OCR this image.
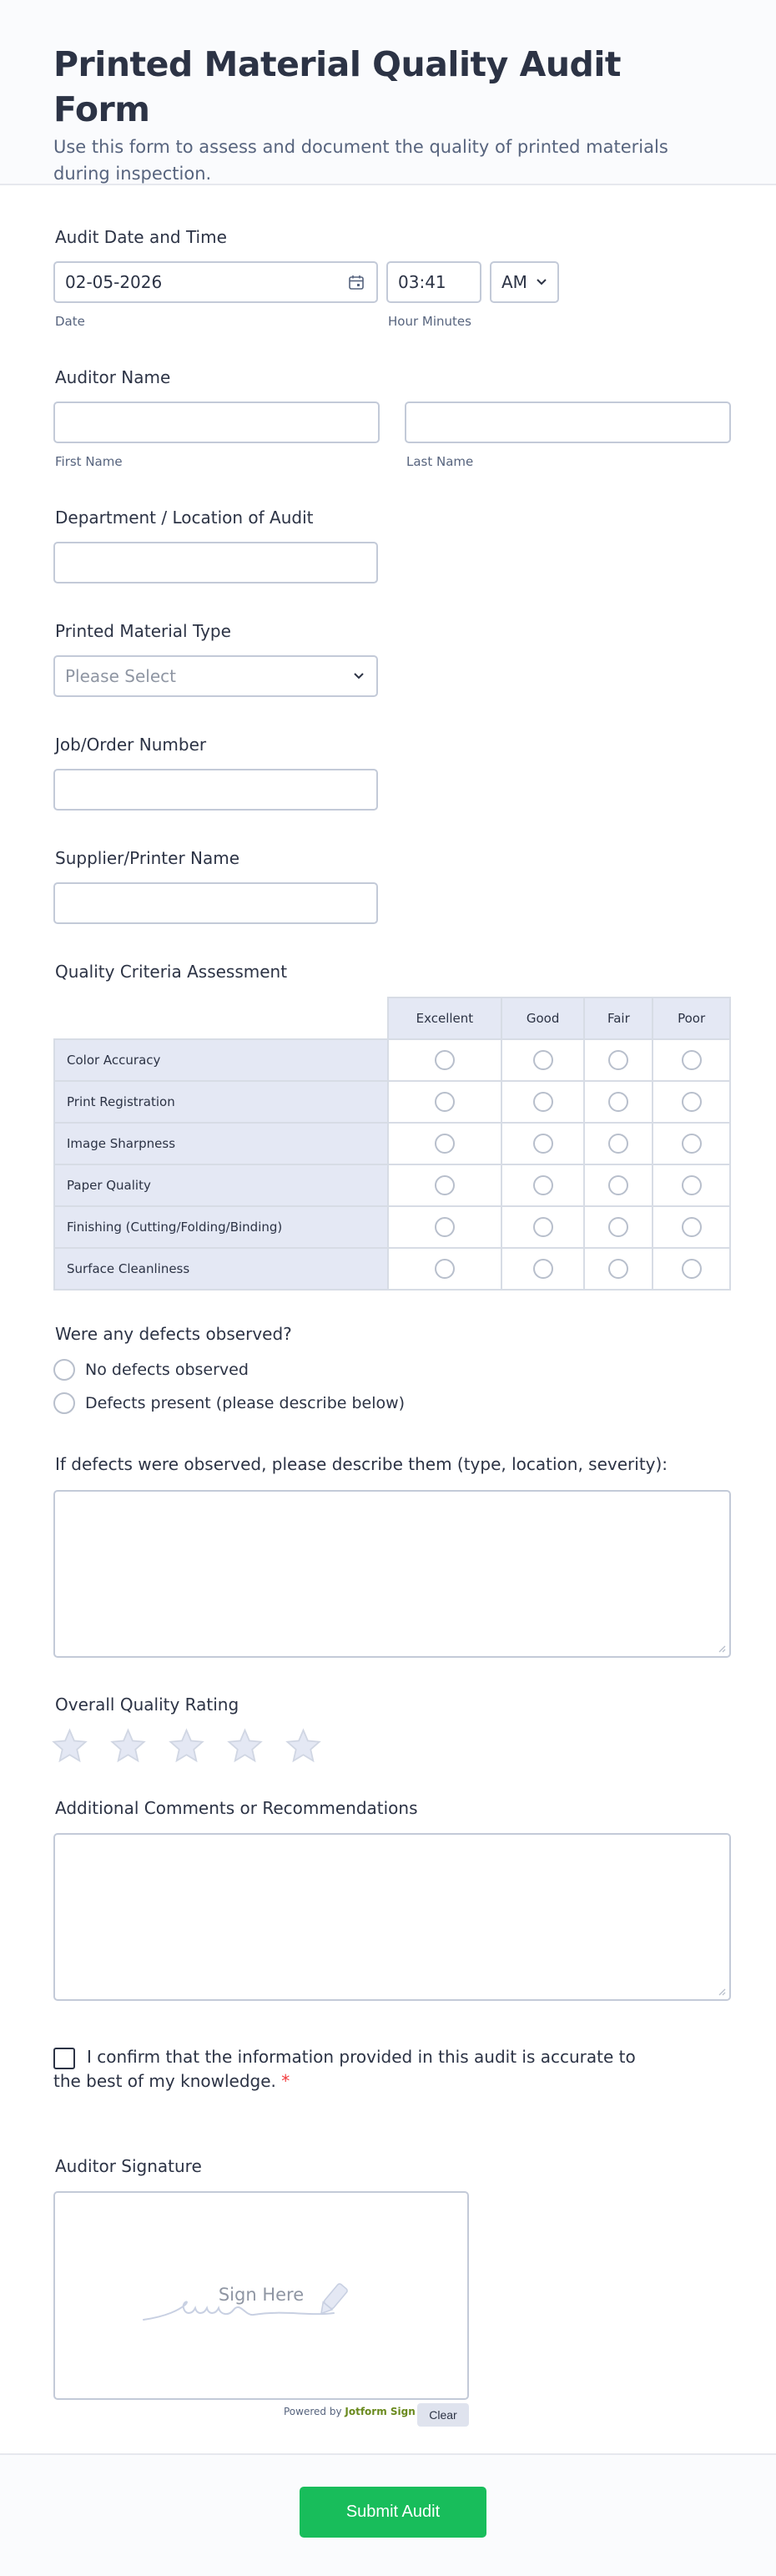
Printed Material Quality Audit Form

Use this form to assess and document the quality of printed materials during inspection.

Audit Date and Time
02-05-2026	03:41	AM
Date	Hour Minutes
Auditor Name
First Name	Last Name
Department / Location of Audit
Printed Material Type
Please Select
Job/Order Number
Supplier/Printer Name
Quality Criteria Assessment
	Excellent	Good	Fair	Poor
Color Accuracy				
Print Registration				
Image Sharpness				
Paper Quality				
Finishing (Cutting/Folding/Binding)				
Surface Cleanliness				
Were any defects observed?
No defects observed
Defects present (please describe below)
If defects were observed, please describe them (type, location, severity):
Overall Quality Rating
Additional Comments or Recommendations
I confirm that the information provided in this audit is accurate to the best of my knowledge. *
Auditor Signature
Sign Here
Powered by Jotform Sign	Clear
Submit Audit
